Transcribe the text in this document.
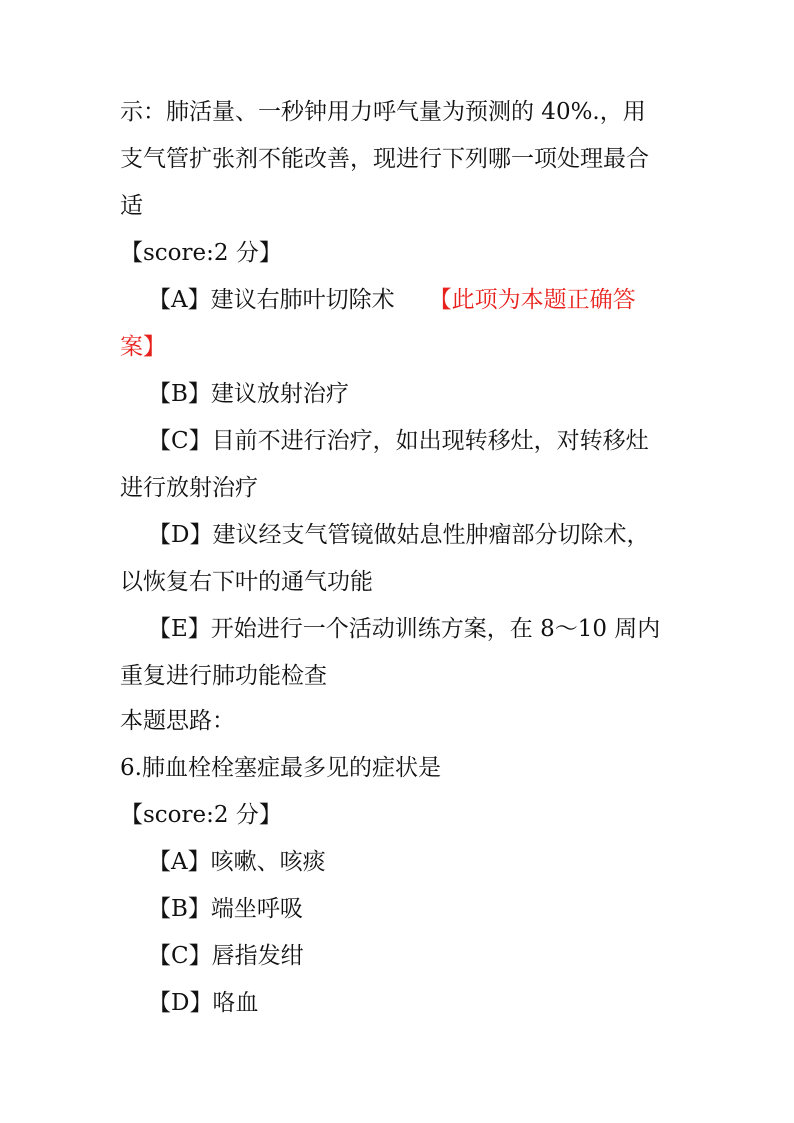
示：肺活量、一秒钟用力呼气量为预测的 40%.，用
支气管扩张剂不能改善，现进行下列哪一项处理最合
适
【score:2 分】
【A】建议右肺叶切除术 【此项为本题正确答
案】
【B】建议放射治疗
【C】目前不进行治疗，如出现转移灶，对转移灶
进行放射治疗
【D】建议经支气管镜做姑息性肿瘤部分切除术，
以恢复右下叶的通气功能
【E】开始进行一个活动训练方案，在 8～10 周内
重复进行肺功能检查
本题思路：
6.肺血栓栓塞症最多见的症状是
【score:2 分】
【A】咳嗽、咳痰
【B】端坐呼吸
【C】唇指发绀
【D】咯血
